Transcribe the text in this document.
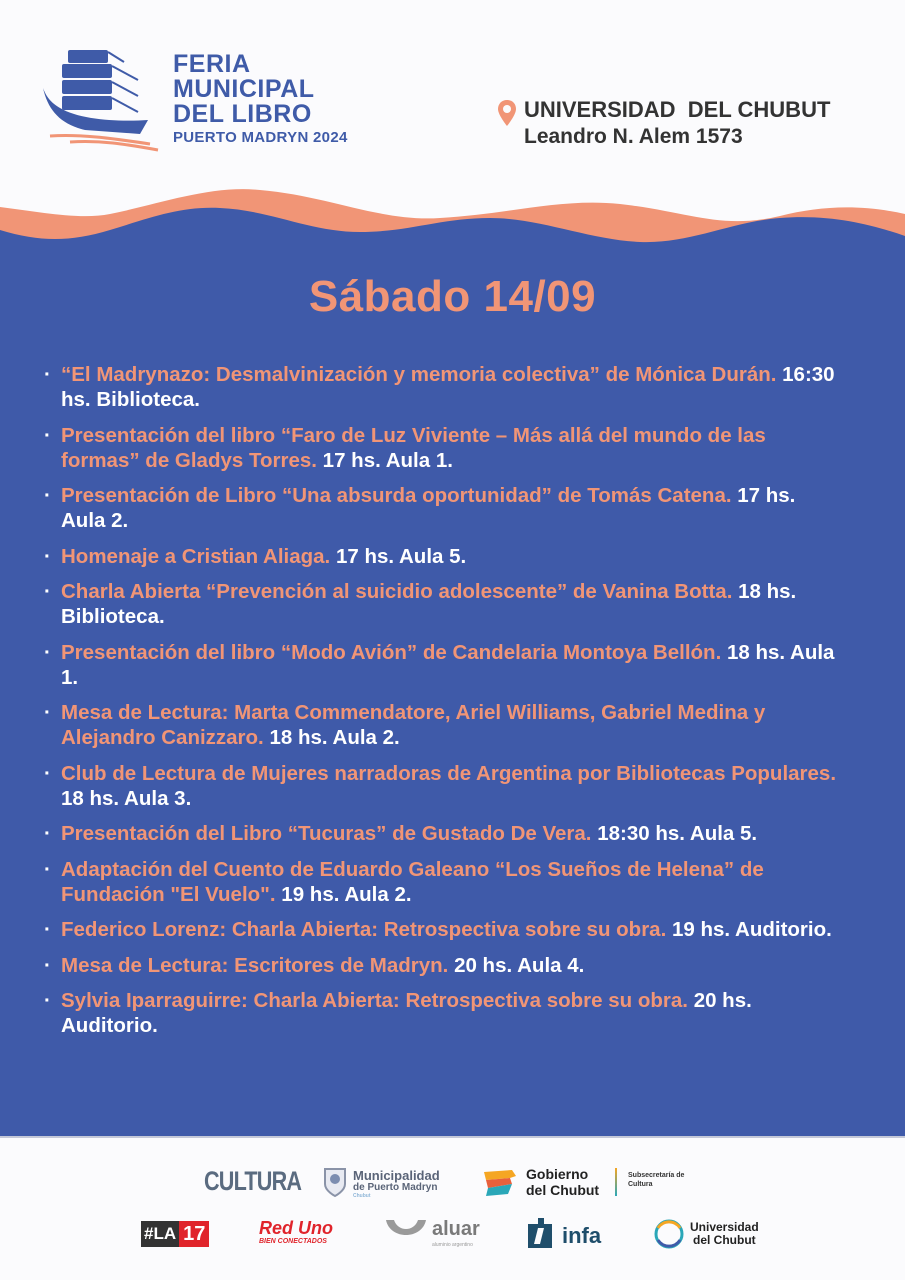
FERIA
MUNICIPAL
DEL LIBRO
PUERTO MADRYN 2024
UNIVERSIDAD  DEL CHUBUT
Leandro N. Alem 1573
Sábado 14/09
· “El Madrynazo: Desmalvinización y memoria colectiva” de Mónica Durán. 16:30 hs. Biblioteca.
· Presentación del libro “Faro de Luz Viviente – Más allá del mundo de las formas” de Gladys Torres. 17 hs. Aula 1.
· Presentación de Libro “Una absurda oportunidad” de Tomás Catena. 17 hs. Aula 2.
· Homenaje a Cristian Aliaga. 17 hs. Aula 5.
· Charla Abierta “Prevención al suicidio adolescente” de Vanina Botta. 18 hs. Biblioteca.
· Presentación del libro “Modo Avión” de Candelaria Montoya Bellón. 18 hs. Aula 1.
· Mesa de Lectura: Marta Commendatore, Ariel Williams, Gabriel Medina y Alejandro Canizzaro. 18 hs. Aula 2.
· Club de Lectura de Mujeres narradoras de Argentina por Bibliotecas Populares. 18 hs. Aula 3.
· Presentación del Libro “Tucuras” de Gustado De Vera. 18:30 hs. Aula 5.
· Adaptación del Cuento de Eduardo Galeano “Los Sueños de Helena” de Fundación "El Vuelo". 19 hs. Aula 2.
· Federico Lorenz: Charla Abierta: Retrospectiva sobre su obra. 19 hs. Auditorio.
· Mesa de Lectura: Escritores de Madryn. 20 hs. Aula 4.
· Sylvia Iparraguirre: Charla Abierta: Retrospectiva sobre su obra. 20 hs. Auditorio.
CULTURA	Municipalidad
de Puerto Madryn
Chubut
Gobierno
del Chubut
Subsecretaría de
Cultura
#LA 17	Red Uno
BIEN CONECTADOS
aluar
aluminio argentino	infa	Universidad
del Chubut
